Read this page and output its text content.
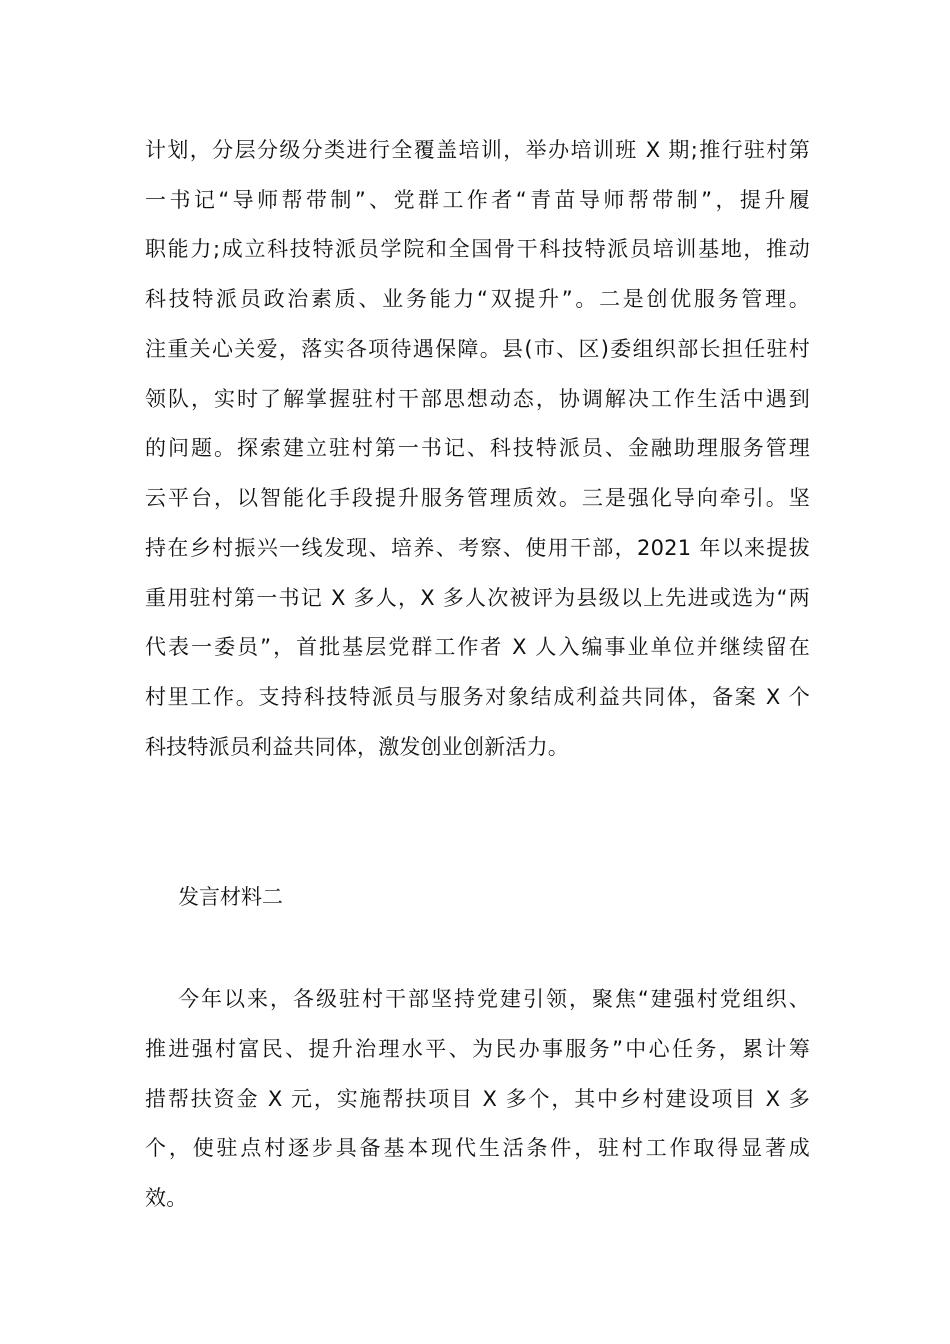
计划，分层分级分类进行全覆盖培训，举办培训班 X 期;推行驻村第
一书记“导师帮带制”、党群工作者“青苗导师帮带制”，提升履
职能力;成立科技特派员学院和全国骨干科技特派员培训基地，推动
科技特派员政治素质、业务能力“双提升”。二是创优服务管理。
注重关心关爱，落实各项待遇保障。县(市、区)委组织部长担任驻村
领队，实时了解掌握驻村干部思想动态，协调解决工作生活中遇到
的问题。探索建立驻村第一书记、科技特派员、金融助理服务管理
云平台，以智能化手段提升服务管理质效。三是强化导向牵引。坚
持在乡村振兴一线发现、培养、考察、使用干部，2021 年以来提拔
重用驻村第一书记 X 多人，X 多人次被评为县级以上先进或选为“两
代表一委员”，首批基层党群工作者 X 人入编事业单位并继续留在
村里工作。支持科技特派员与服务对象结成利益共同体，备案 X 个
科技特派员利益共同体，激发创业创新活力。
发言材料二
今年以来，各级驻村干部坚持党建引领，聚焦“建强村党组织、
推进强村富民、提升治理水平、为民办事服务”中心任务，累计筹
措帮扶资金 X 元，实施帮扶项目 X 多个，其中乡村建设项目 X 多
个，使驻点村逐步具备基本现代生活条件，驻村工作取得显著成
效。
